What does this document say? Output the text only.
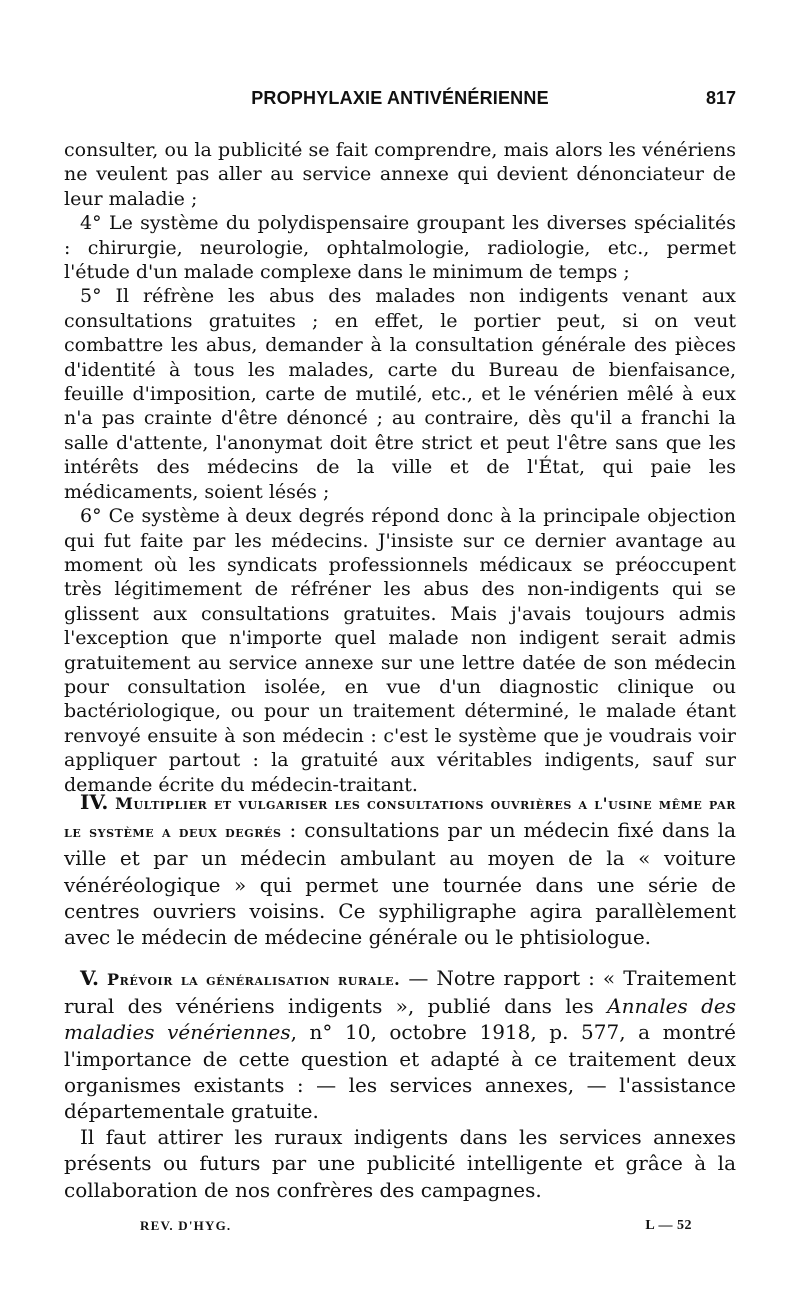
PROPHYLAXIE ANTIVÉNÉRIENNE	817

consulter, ou la publicité se fait comprendre, mais alors les vénériens ne veulent pas aller au service annexe qui devient dénonciateur de leur maladie ;

4° Le système du polydispensaire groupant les diverses spécialités : chirurgie, neurologie, ophtalmologie, radiologie, etc., permet l'étude d'un malade complexe dans le minimum de temps ;

5° Il réfrène les abus des malades non indigents venant aux consultations gratuites ; en effet, le portier peut, si on veut combattre les abus, demander à la consultation générale des pièces d'identité à tous les malades, carte du Bureau de bienfaisance, feuille d'imposition, carte de mutilé, etc., et le vénérien mêlé à eux n'a pas crainte d'être dénoncé ; au contraire, dès qu'il a franchi la salle d'attente, l'anonymat doit être strict et peut l'être sans que les intérêts des médecins de la ville et de l'État, qui paie les médicaments, soient lésés ;

6° Ce système à deux degrés répond donc à la principale objection qui fut faite par les médecins. J'insiste sur ce dernier avantage au moment où les syndicats professionnels médicaux se préoccupent très légitimement de réfréner les abus des non-indigents qui se glissent aux consultations gratuites. Mais j'avais toujours admis l'exception que n'importe quel malade non indigent serait admis gratuitement au service annexe sur une lettre datée de son médecin pour consultation isolée, en vue d'un diagnostic clinique ou bactériologique, ou pour un traitement déterminé, le malade étant renvoyé ensuite à son médecin : c'est le système que je voudrais voir appliquer partout : la gratuité aux véritables indigents, sauf sur demande écrite du médecin-traitant.

IV. Multiplier et vulgariser les consultations ouvrières a l'usine même par le système a deux degrés : consultations par un médecin fixé dans la ville et par un médecin ambulant au moyen de la « voiture vénéréologique » qui permet une tournée dans une série de centres ouvriers voisins. Ce syphiligraphe agira parallèlement avec le médecin de médecine générale ou le phtisiologue.

V. Prévoir la généralisation rurale. — Notre rapport : « Traitement rural des vénériens indigents », publié dans les Annales des maladies vénériennes, n° 10, octobre 1918, p. 577, a montré l'importance de cette question et adapté à ce traitement deux organismes existants : — les services annexes, — l'assistance départementale gratuite.

Il faut attirer les ruraux indigents dans les services annexes présents ou futurs par une publicité intelligente et grâce à la collaboration de nos confrères des campagnes.

REV. D'HYG.	L — 52
